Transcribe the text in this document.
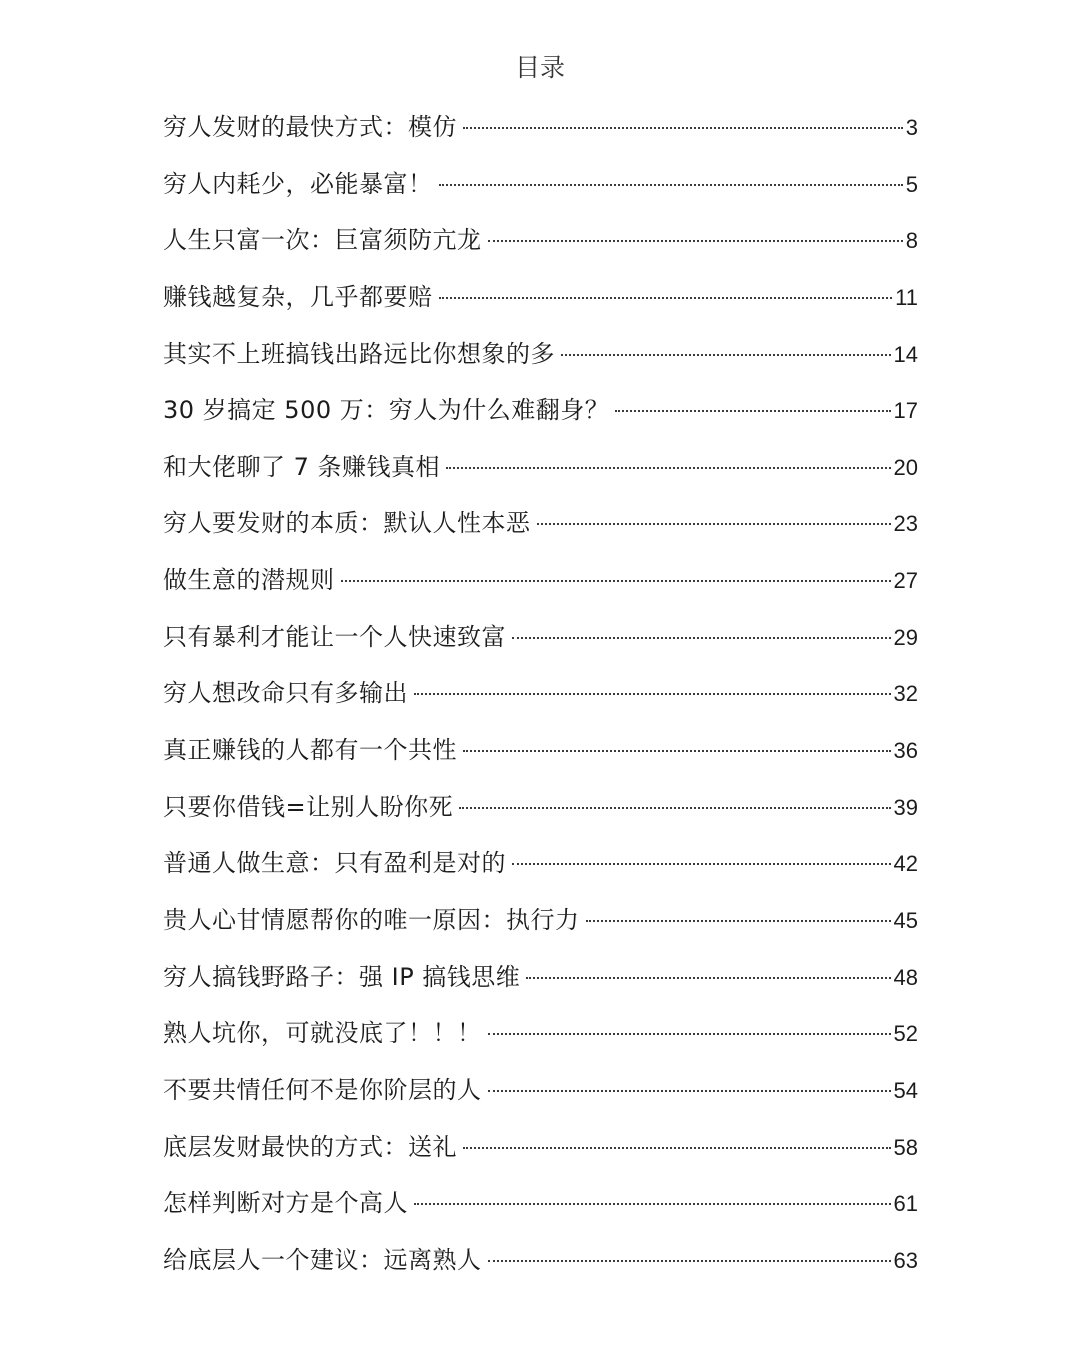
目录
穷人发财的最快方式：模仿	3
穷人内耗少，必能暴富！	5
人生只富一次：巨富须防亢龙	8
赚钱越复杂，几乎都要赔	11
其实不上班搞钱出路远比你想象的多	14
30 岁搞定 500 万：穷人为什么难翻身？	17
和大佬聊了 7 条赚钱真相	20
穷人要发财的本质：默认人性本恶	23
做生意的潜规则	27
只有暴利才能让一个人快速致富	29
穷人想改命只有多输出	32
真正赚钱的人都有一个共性	36
只要你借钱=让别人盼你死	39
普通人做生意：只有盈利是对的	42
贵人心甘情愿帮你的唯一原因：执行力	45
穷人搞钱野路子：强 IP 搞钱思维	48
熟人坑你，可就没底了！！！	52
不要共情任何不是你阶层的人	54
底层发财最快的方式：送礼	58
怎样判断对方是个高人	61
给底层人一个建议：远离熟人	63
